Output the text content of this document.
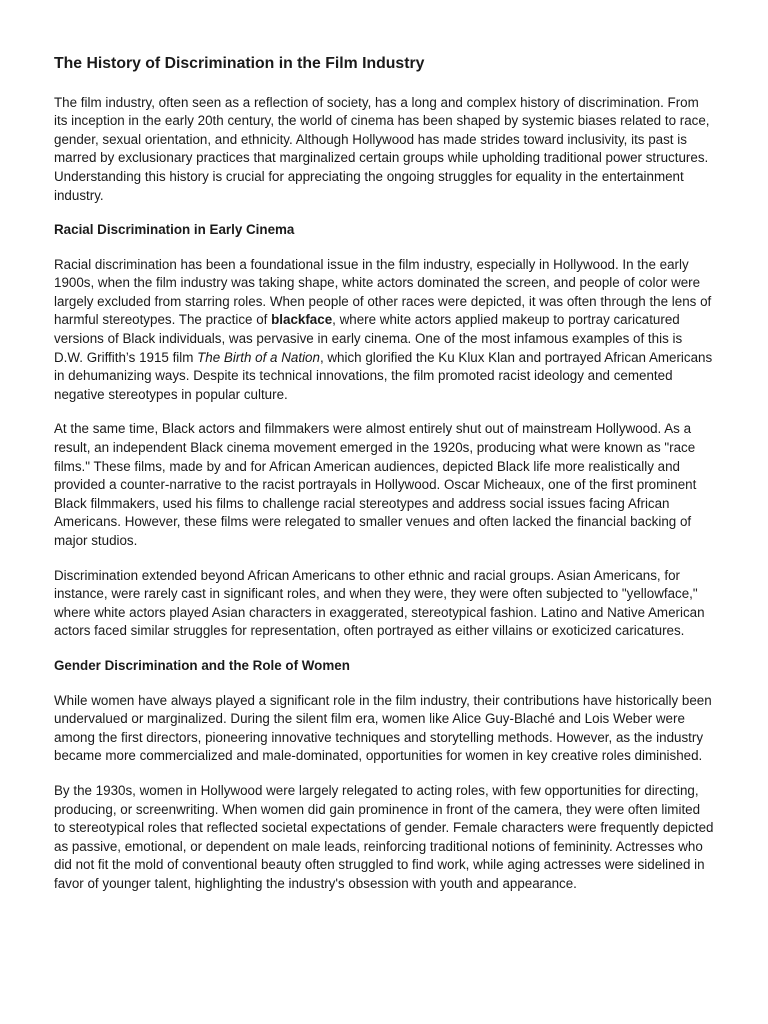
The History of Discrimination in the Film Industry

The film industry, often seen as a reflection of society, has a long and complex history of discrimination. From its inception in the early 20th century, the world of cinema has been shaped by systemic biases related to race, gender, sexual orientation, and ethnicity. Although Hollywood has made strides toward inclusivity, its past is marred by exclusionary practices that marginalized certain groups while upholding traditional power structures. Understanding this history is crucial for appreciating the ongoing struggles for equality in the entertainment industry.

Racial Discrimination in Early Cinema

Racial discrimination has been a foundational issue in the film industry, especially in Hollywood. In the early 1900s, when the film industry was taking shape, white actors dominated the screen, and people of color were largely excluded from starring roles. When people of other races were depicted, it was often through the lens of harmful stereotypes. The practice of blackface, where white actors applied makeup to portray caricatured versions of Black individuals, was pervasive in early cinema. One of the most infamous examples of this is D.W. Griffith’s 1915 film The Birth of a Nation, which glorified the Ku Klux Klan and portrayed African Americans in dehumanizing ways. Despite its technical innovations, the film promoted racist ideology and cemented negative stereotypes in popular culture.

At the same time, Black actors and filmmakers were almost entirely shut out of mainstream Hollywood. As a result, an independent Black cinema movement emerged in the 1920s, producing what were known as "race films." These films, made by and for African American audiences, depicted Black life more realistically and provided a counter-narrative to the racist portrayals in Hollywood. Oscar Micheaux, one of the first prominent Black filmmakers, used his films to challenge racial stereotypes and address social issues facing African Americans. However, these films were relegated to smaller venues and often lacked the financial backing of major studios.

Discrimination extended beyond African Americans to other ethnic and racial groups. Asian Americans, for instance, were rarely cast in significant roles, and when they were, they were often subjected to "yellowface," where white actors played Asian characters in exaggerated, stereotypical fashion. Latino and Native American actors faced similar struggles for representation, often portrayed as either villains or exoticized caricatures.

Gender Discrimination and the Role of Women

While women have always played a significant role in the film industry, their contributions have historically been undervalued or marginalized. During the silent film era, women like Alice Guy-Blaché and Lois Weber were among the first directors, pioneering innovative techniques and storytelling methods. However, as the industry became more commercialized and male-dominated, opportunities for women in key creative roles diminished.

By the 1930s, women in Hollywood were largely relegated to acting roles, with few opportunities for directing, producing, or screenwriting. When women did gain prominence in front of the camera, they were often limited to stereotypical roles that reflected societal expectations of gender. Female characters were frequently depicted as passive, emotional, or dependent on male leads, reinforcing traditional notions of femininity. Actresses who did not fit the mold of conventional beauty often struggled to find work, while aging actresses were sidelined in favor of younger talent, highlighting the industry's obsession with youth and appearance.
